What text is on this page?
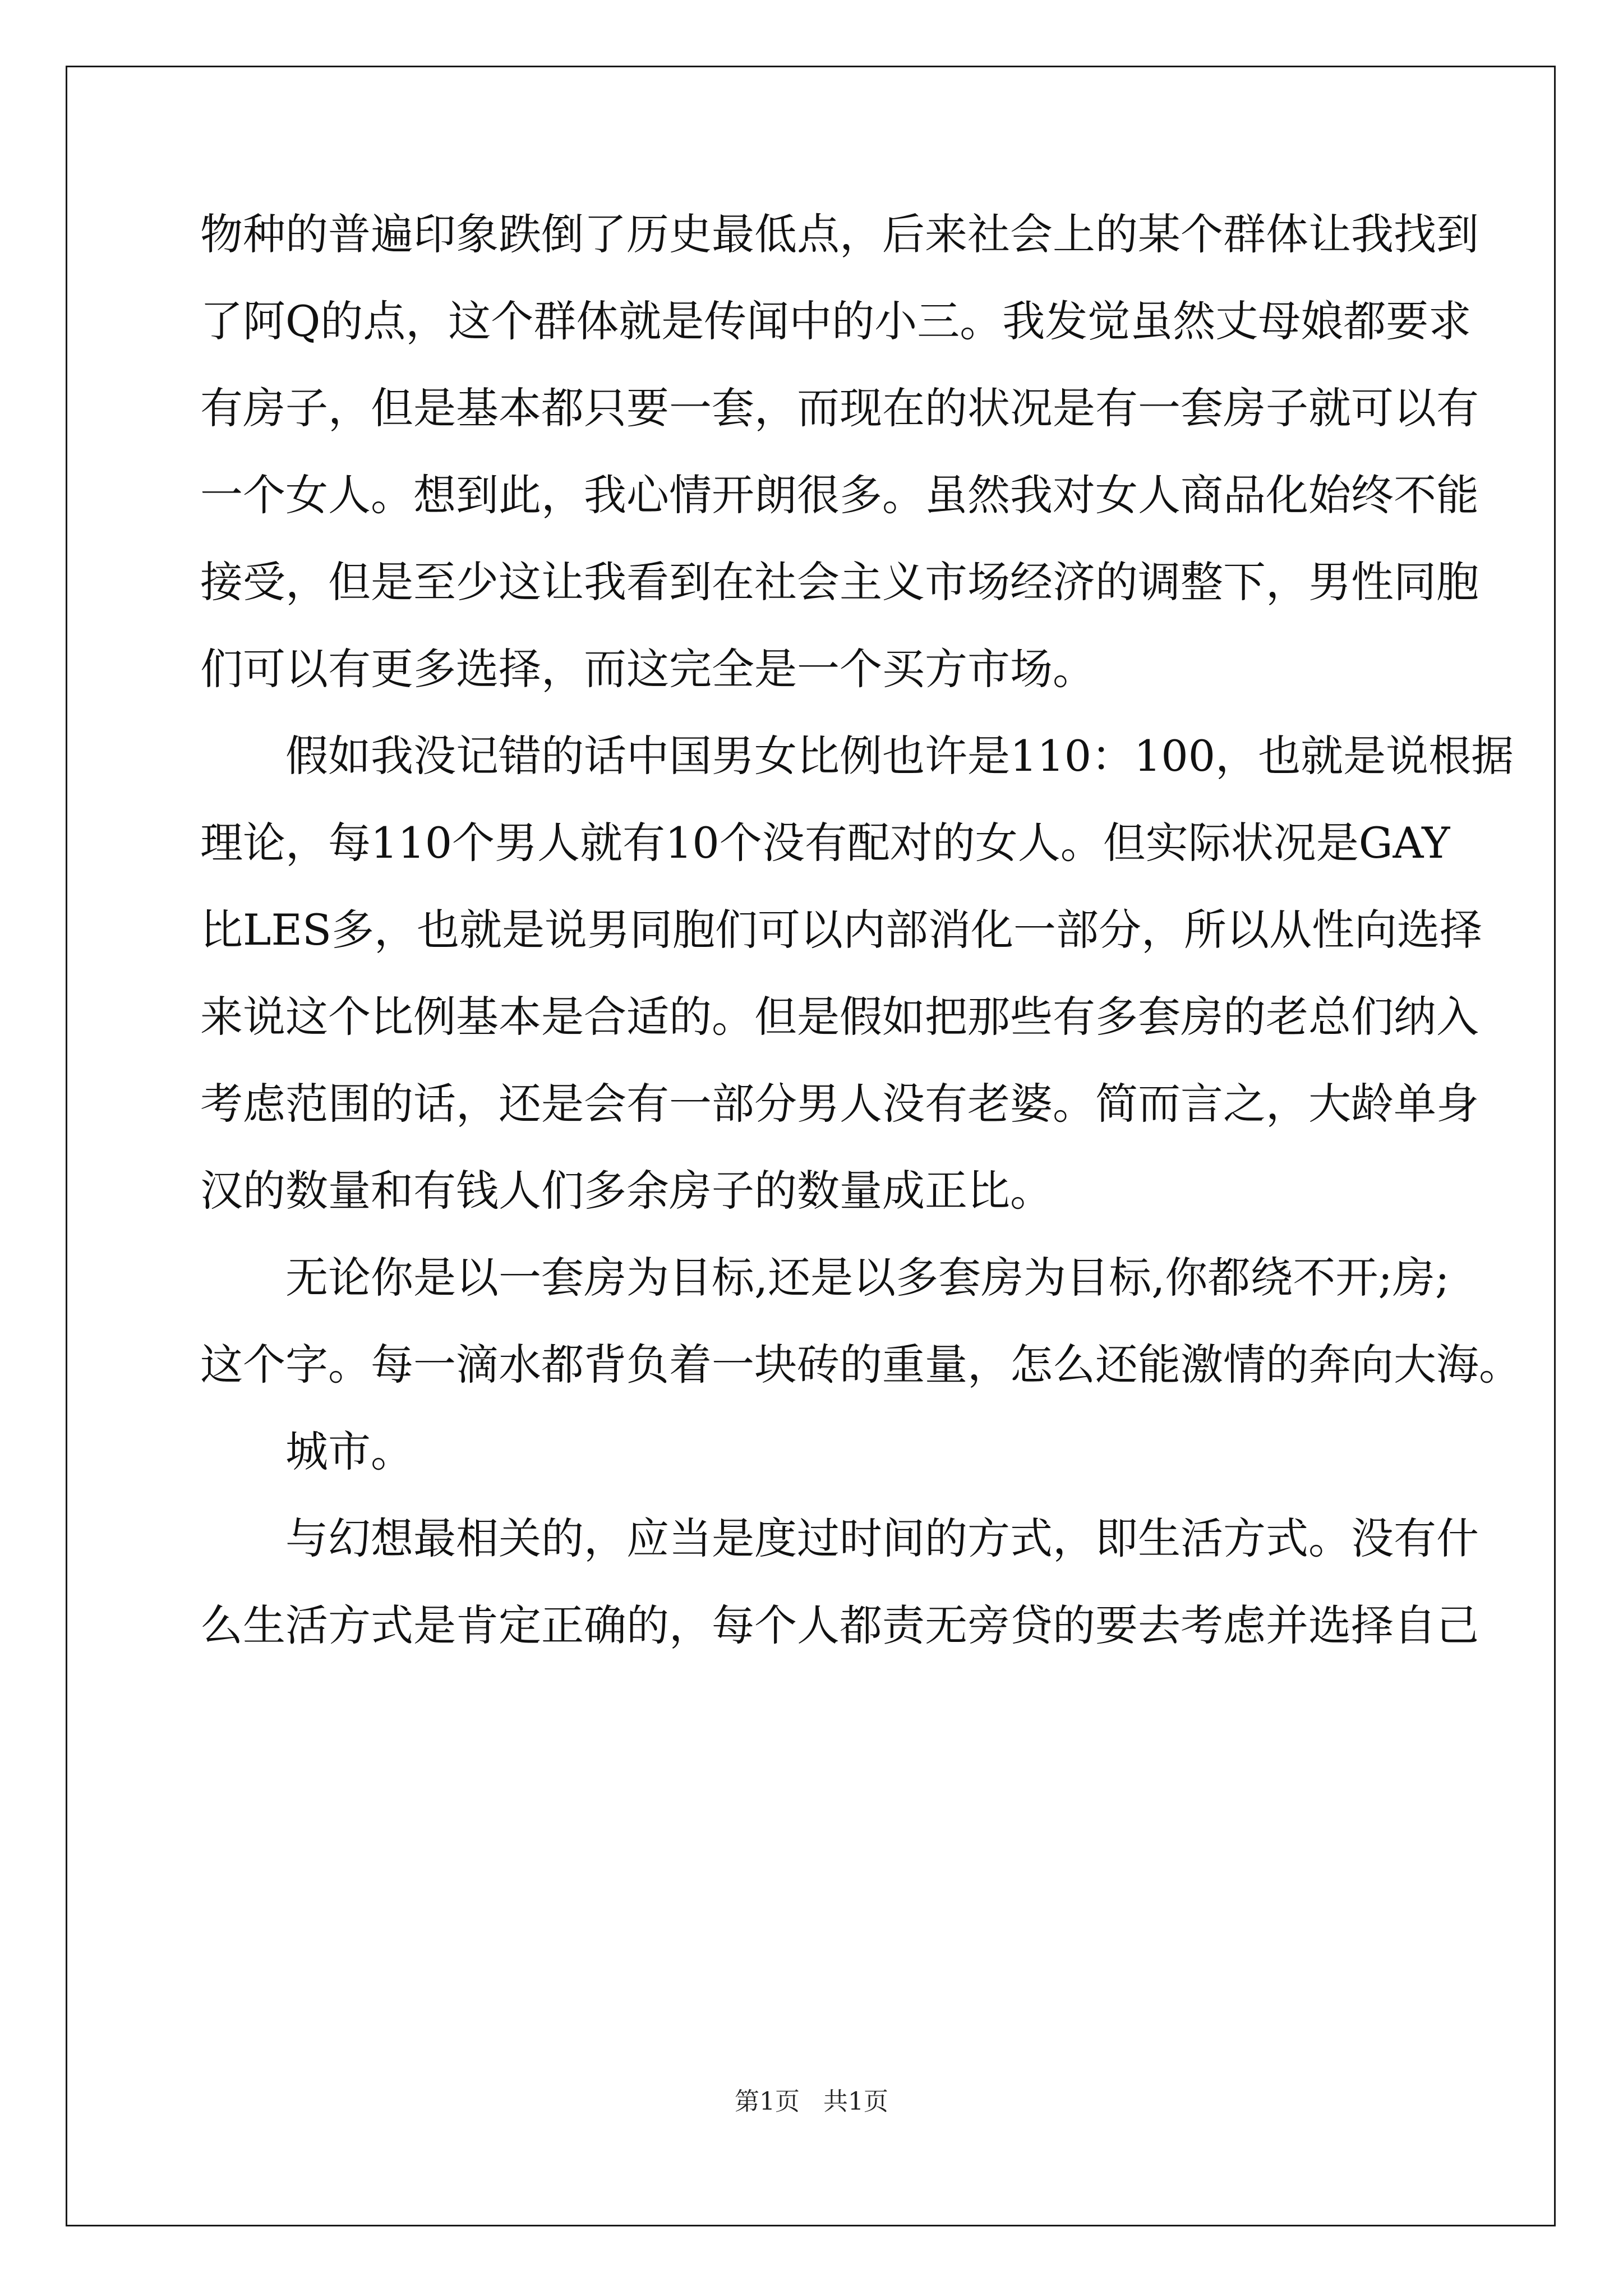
物种的普遍印象跌倒了历史最低点，后来社会上的某个群体让我找到
了阿Q的点，这个群体就是传闻中的小三。我发觉虽然丈母娘都要求
有房子，但是基本都只要一套，而现在的状况是有一套房子就可以有
一个女人。想到此，我心情开朗很多。虽然我对女人商品化始终不能
接受，但是至少这让我看到在社会主义市场经济的调整下，男性同胞
们可以有更多选择，而这完全是一个买方市场。
假如我没记错的话中国男女比例也许是110：100，也就是说根据
理论，每110个男人就有10个没有配对的女人。但实际状况是GAY
比LES多，也就是说男同胞们可以内部消化一部分，所以从性向选择
来说这个比例基本是合适的。但是假如把那些有多套房的老总们纳入
考虑范围的话，还是会有一部分男人没有老婆。简而言之，大龄单身
汉的数量和有钱人们多余房子的数量成正比。
无论你是以一套房为目标,还是以多套房为目标,你都绕不开;房;
这个字。每一滴水都背负着一块砖的重量，怎么还能激情的奔向大海。
城市。
与幻想最相关的，应当是度过时间的方式，即生活方式。没有什
么生活方式是肯定正确的，每个人都责无旁贷的要去考虑并选择自己
第1页   共1页
